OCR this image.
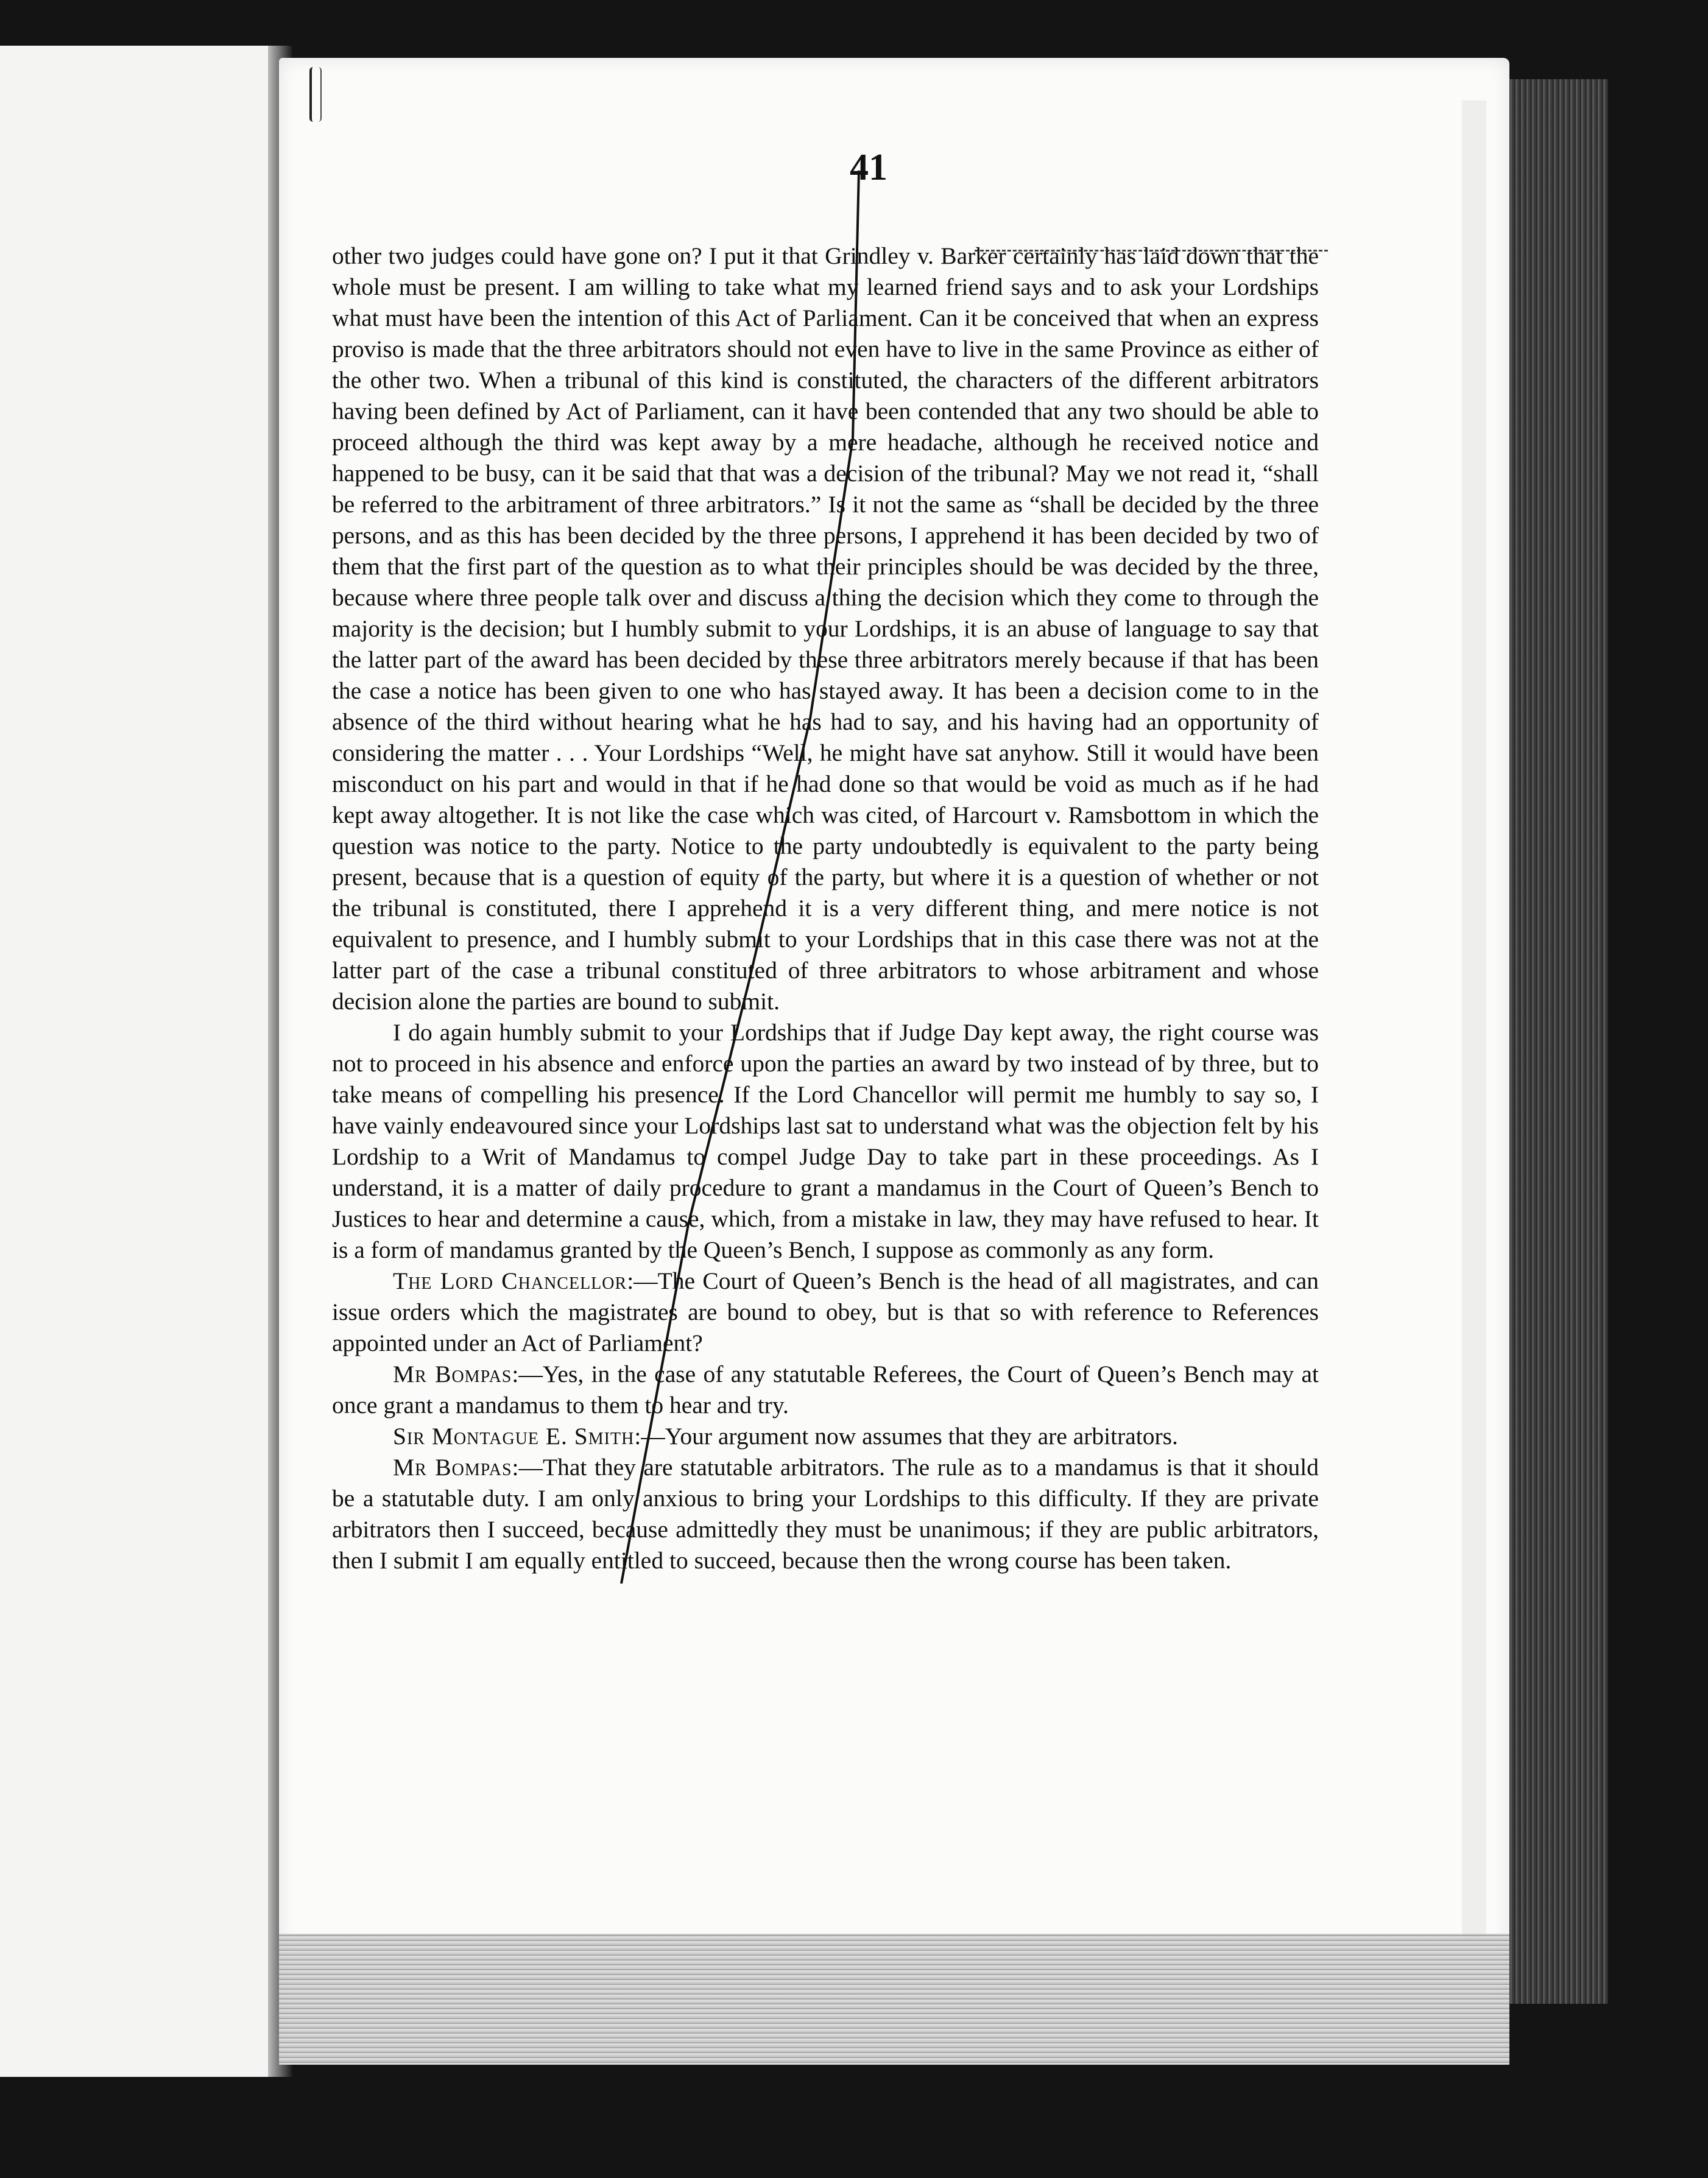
41

other two judges could have gone on? I put it that Grindley v. Barker certainly has laid down that the whole must be present. I am willing to take what my learned friend says and to ask your Lordships what must have been the intention of this Act of Parliament. Can it be conceived that when an express proviso is made that the three arbitrators should not even have to live in the same Province as either of the other two. When a tribunal of this kind is constituted, the characters of the different arbitrators having been defined by Act of Parliament, can it have been contended that any two should be able to proceed although the third was kept away by a mere headache, although he received notice and happened to be busy, can it be said that that was a decision of the tribunal? May we not read it, “shall be referred to the arbitrament of three arbitrators.” Is it not the same as “shall be decided by the three persons, and as this has been decided by the three persons, I apprehend it has been decided by two of them that the first part of the question as to what their principles should be was decided by the three, because where three people talk over and discuss a thing the decision which they come to through the majority is the decision; but I humbly submit to your Lordships, it is an abuse of language to say that the latter part of the award has been decided by these three arbitrators merely because if that has been the case a notice has been given to one who has stayed away. It has been a decision come to in the absence of the third without hearing what he has had to say, and his having had an opportunity of considering the matter . . . Your Lordships “Well, he might have sat anyhow. Still it would have been misconduct on his part and would in that if he had done so that would be void as much as if he had kept away altogether. It is not like the case which was cited, of Harcourt v. Ramsbottom in which the question was notice to the party. Notice to the party undoubtedly is equivalent to the party being present, because that is a question of equity of the party, but where it is a question of whether or not the tribunal is constituted, there I apprehend it is a very different thing, and mere notice is not equivalent to presence, and I humbly submit to your Lordships that in this case there was not at the latter part of the case a tribunal constituted of three arbitrators to whose arbitrament and whose decision alone the parties are bound to submit.

I do again humbly submit to your Lordships that if Judge Day kept away, the right course was not to proceed in his absence and enforce upon the parties an award by two instead of by three, but to take means of compelling his presence. If the Lord Chancellor will permit me humbly to say so, I have vainly endeavoured since your Lordships last sat to understand what was the objection felt by his Lordship to a Writ of Mandamus to compel Judge Day to take part in these proceedings. As I understand, it is a matter of daily procedure to grant a mandamus in the Court of Queen’s Bench to Justices to hear and determine a cause, which, from a mistake in law, they may have refused to hear. It is a form of mandamus granted by the Queen’s Bench, I suppose as commonly as any form.

The Lord Chancellor:—The Court of Queen’s Bench is the head of all magistrates, and can issue orders which the magistrates are bound to obey, but is that so with reference to References appointed under an Act of Parliament?

Mr Bompas:—Yes, in the case of any statutable Referees, the Court of Queen’s Bench may at once grant a mandamus to them to hear and try.

Sir Montague E. Smith:—Your argument now assumes that they are arbitrators.

Mr Bompas:—That they are statutable arbitrators. The rule as to a mandamus is that it should be a statutable duty. I am only anxious to bring your Lordships to this difficulty. If they are private arbitrators then I succeed, because admittedly they must be unanimous; if they are public arbitrators, then I submit I am equally entitled to succeed, because then the wrong course has been taken.
